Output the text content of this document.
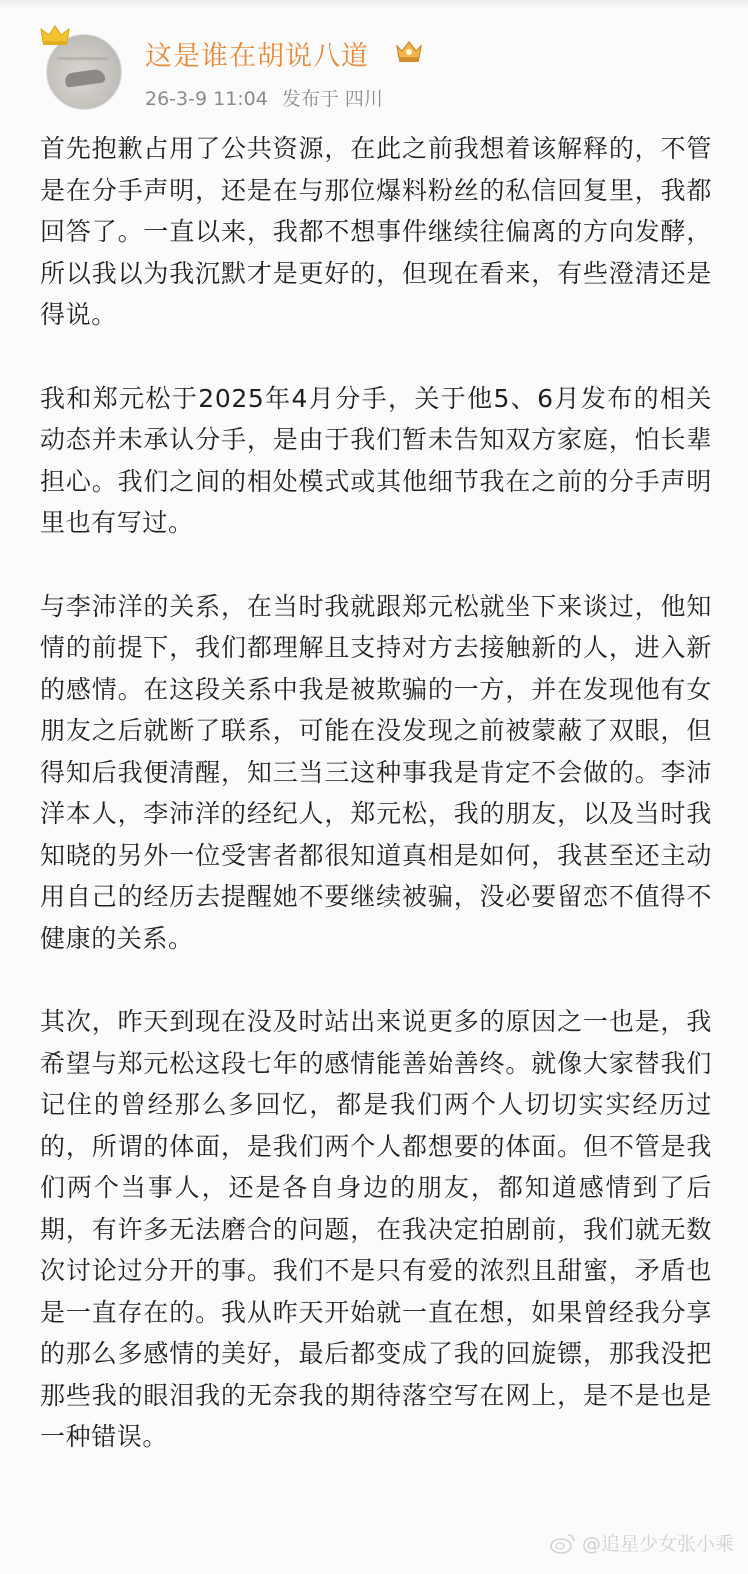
这是谁在胡说八道
26-3-9 11:04 发布于 四川

首先抱歉占用了公共资源，在此之前我想着该解释的，不管是在分手声明，还是在与那位爆料粉丝的私信回复里，我都回答了。一直以来，我都不想事件继续往偏离的方向发酵，所以我以为我沉默才是更好的，但现在看来，有些澄清还是得说。

我和郑元松于2025年4月分手，关于他5、6月发布的相关动态并未承认分手，是由于我们暂未告知双方家庭，怕长辈担心。我们之间的相处模式或其他细节我在之前的分手声明里也有写过。

与李沛洋的关系，在当时我就跟郑元松就坐下来谈过，他知情的前提下，我们都理解且支持对方去接触新的人，进入新的感情。在这段关系中我是被欺骗的一方，并在发现他有女朋友之后就断了联系，可能在没发现之前被蒙蔽了双眼，但得知后我便清醒，知三当三这种事我是肯定不会做的。李沛洋本人，李沛洋的经纪人，郑元松，我的朋友，以及当时我知晓的另外一位受害者都很知道真相是如何，我甚至还主动用自己的经历去提醒她不要继续被骗，没必要留恋不值得不健康的关系。

其次，昨天到现在没及时站出来说更多的原因之一也是，我希望与郑元松这段七年的感情能善始善终。就像大家替我们记住的曾经那么多回忆，都是我们两个人切切实实经历过的，所谓的体面，是我们两个人都想要的体面。但不管是我们两个当事人，还是各自身边的朋友，都知道感情到了后期，有许多无法磨合的问题，在我决定拍剧前，我们就无数次讨论过分开的事。我们不是只有爱的浓烈且甜蜜，矛盾也是一直存在的。我从昨天开始就一直在想，如果曾经我分享的那么多感情的美好，最后都变成了我的回旋镖，那我没把那些我的眼泪我的无奈我的期待落空写在网上，是不是也是一种错误。

@追星少女张小乘
